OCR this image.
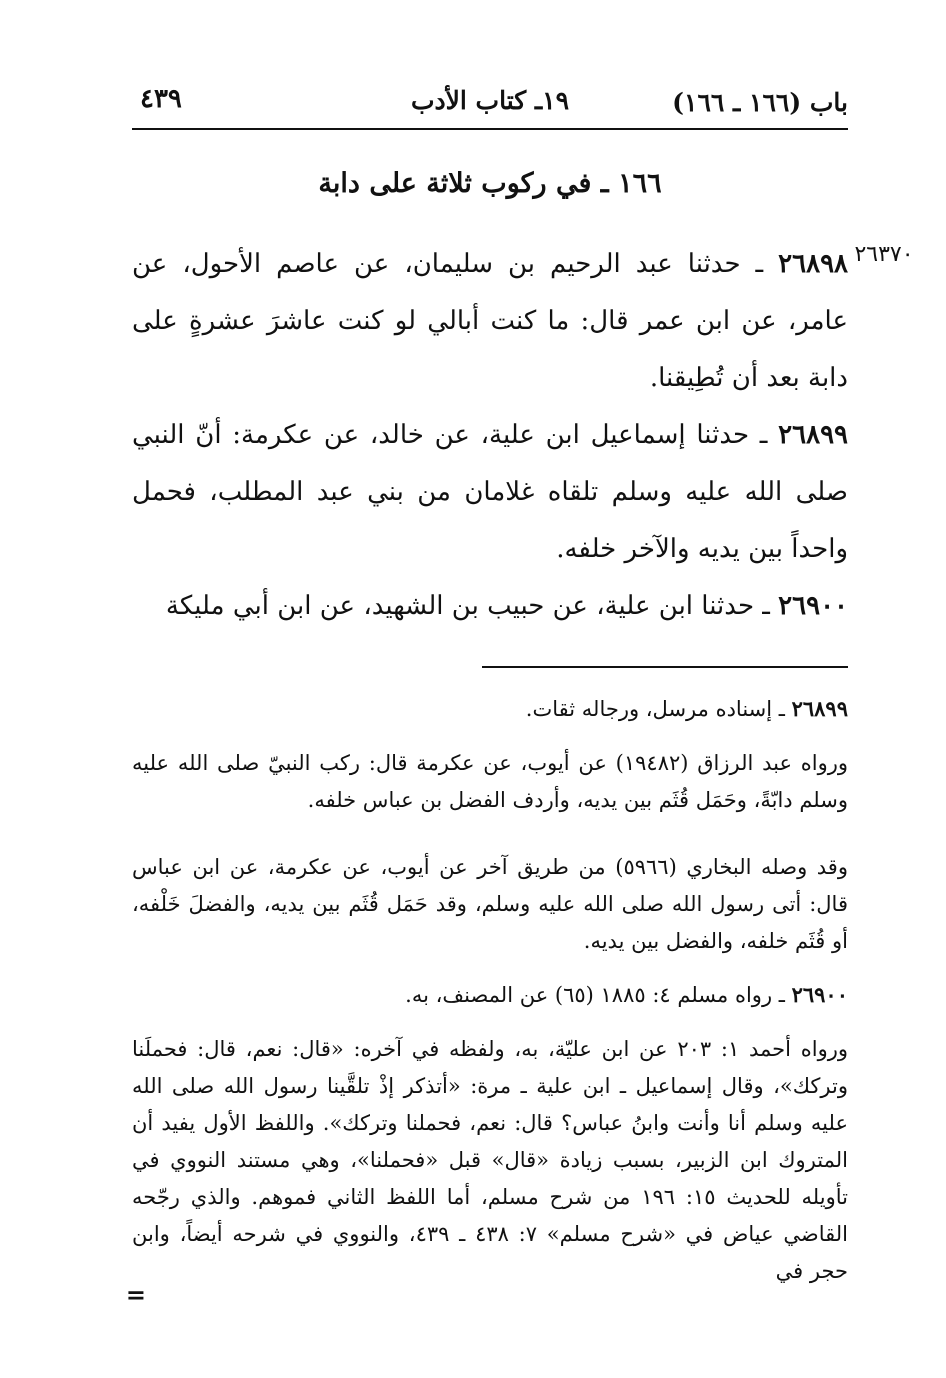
باب (١٦٦ ـ ١٦٦)
١٩ـ كتاب الأدب
٤٣٩
١٦٦ ـ في ركوب ثلاثة على دابة
٢٦٣٧٠
٢٦٨٩٨ ـ حدثنا عبد الرحيم بن سليمان، عن عاصم الأحول، عن عامر، عن ابن عمر قال: ما كنت أبالي لو كنت عاشرَ عشرةٍ على دابة بعد أن تُطِيقنا.
٢٦٨٩٩ ـ حدثنا إسماعيل ابن علية، عن خالد، عن عكرمة: أنّ النبي صلى الله عليه وسلم تلقاه غلامان من بني عبد المطلب، فحمل واحداً بين يديه والآخر خلفه.
٢٦٩٠٠ ـ حدثنا ابن علية، عن حبيب بن الشهيد، عن ابن أبي مليكة
٢٦٨٩٩ ـ إسناده مرسل، ورجاله ثقات.
ورواه عبد الرزاق (١٩٤٨٢) عن أيوب، عن عكرمة قال: ركب النبيّ صلى الله عليه وسلم دابّةً، وحَمَل قُثَم بين يديه، وأردف الفضل بن عباس خلفه.
وقد وصله البخاري (٥٩٦٦) من طريق آخر عن أيوب، عن عكرمة، عن ابن عباس قال: أتى رسول الله صلى الله عليه وسلم، وقد حَمَل قُثَم بين يديه، والفضلَ خَلْفه، أو قُثَم خلفه، والفضل بين يديه.
٢٦٩٠٠ ـ رواه مسلم ٤: ١٨٨٥ (٦٥) عن المصنف، به.
ورواه أحمد ١: ٢٠٣ عن ابن عليّة، به، ولفظه في آخره: «قال: نعم، قال: فحملَنا وتركك»، وقال إسماعيل ـ ابن علية ـ مرة: «أتذكر إذْ تلقَّينا رسول الله صلى الله عليه وسلم أنا وأنت وابنُ عباس؟ قال: نعم، فحملنا وتركك». واللفظ الأول يفيد أن المتروك ابن الزبير، بسبب زيادة «قال» قبل «فحملنا»، وهي مستند النووي في تأويله للحديث ١٥: ١٩٦ من شرح مسلم، أما اللفظ الثاني فموهم. والذي رجّحه القاضي عياض في «شرح مسلم» ٧: ٤٣٨ ـ ٤٣٩، والنووي في شرحه أيضاً، وابن حجر في
=
